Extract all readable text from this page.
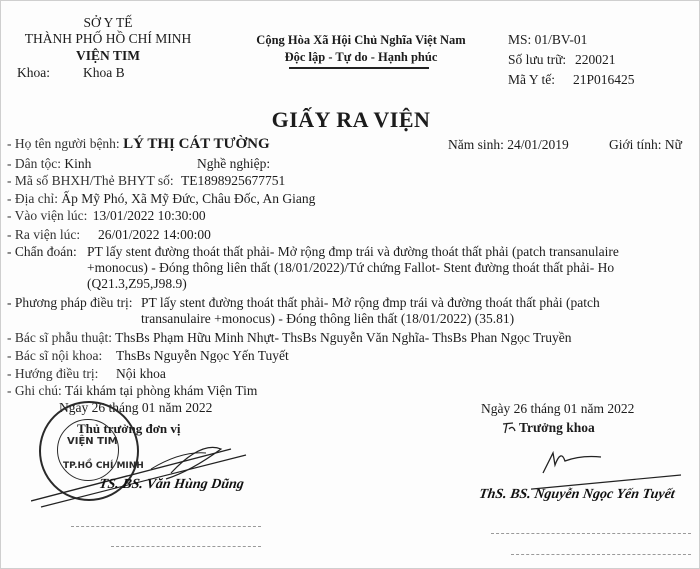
SỞ Y TẾ
THÀNH PHỐ HỒ CHÍ MINH
VIỆN TIM
Khoa: Khoa B
Cộng Hòa Xã Hội Chủ Nghĩa Việt Nam
Độc lập - Tự do - Hạnh phúc
MS: 01/BV-01
Số lưu trữ: 220021
Mã Y tế: 21P016425
GIẤY RA VIỆN
- Họ tên người bệnh: LÝ THỊ CÁT TƯỜNG	Năm sinh: 24/01/2019	Giới tính: Nữ
- Dân tộc: Kinh	Nghề nghiệp:
- Mã số BHXH/Thẻ BHYT số: TE1898925677751
- Địa chỉ: Ấp Mỹ Phó, Xã Mỹ Đức, Châu Đốc, An Giang
- Vào viện lúc: 13/01/2022 10:30:00
- Ra viện lúc: 26/01/2022 14:00:00
- Chẩn đoán: PT lấy stent đường thoát thất phải- Mở rộng đmp trái và đường thoát thất phải (patch transanulaire
+monocus) - Đóng thông liên thất (18/01/2022)/Tứ chứng Fallot- Stent đường thoát thất phải- Ho
(Q21.3,Z95,J98.9)
- Phương pháp điều trị: PT lấy stent đường thoát thất phải- Mở rộng đmp trái và đường thoát thất phải (patch
transanulaire +monocus) - Đóng thông liên thất (18/01/2022) (35.81)
- Bác sĩ phẫu thuật: ThsBs Phạm Hữu Minh Nhựt- ThsBs Nguyễn Văn Nghĩa- ThsBs Phan Ngọc Truyền
- Bác sĩ nội khoa: ThsBs Nguyễn Ngọc Yến Tuyết
- Hướng điều trị: Nội khoa
- Ghi chú: Tái khám tại phòng khám Viện Tim
Ngày 26 tháng 01 năm 2022
Thủ trưởng đơn vị
VIỆN TIM
TP.HỒ CHÍ MINH
TS. BS. Văn Hùng Dũng
Ngày 26 tháng 01 năm 2022
Trưởng khoa
ThS. BS. Nguyễn Ngọc Yến Tuyết
